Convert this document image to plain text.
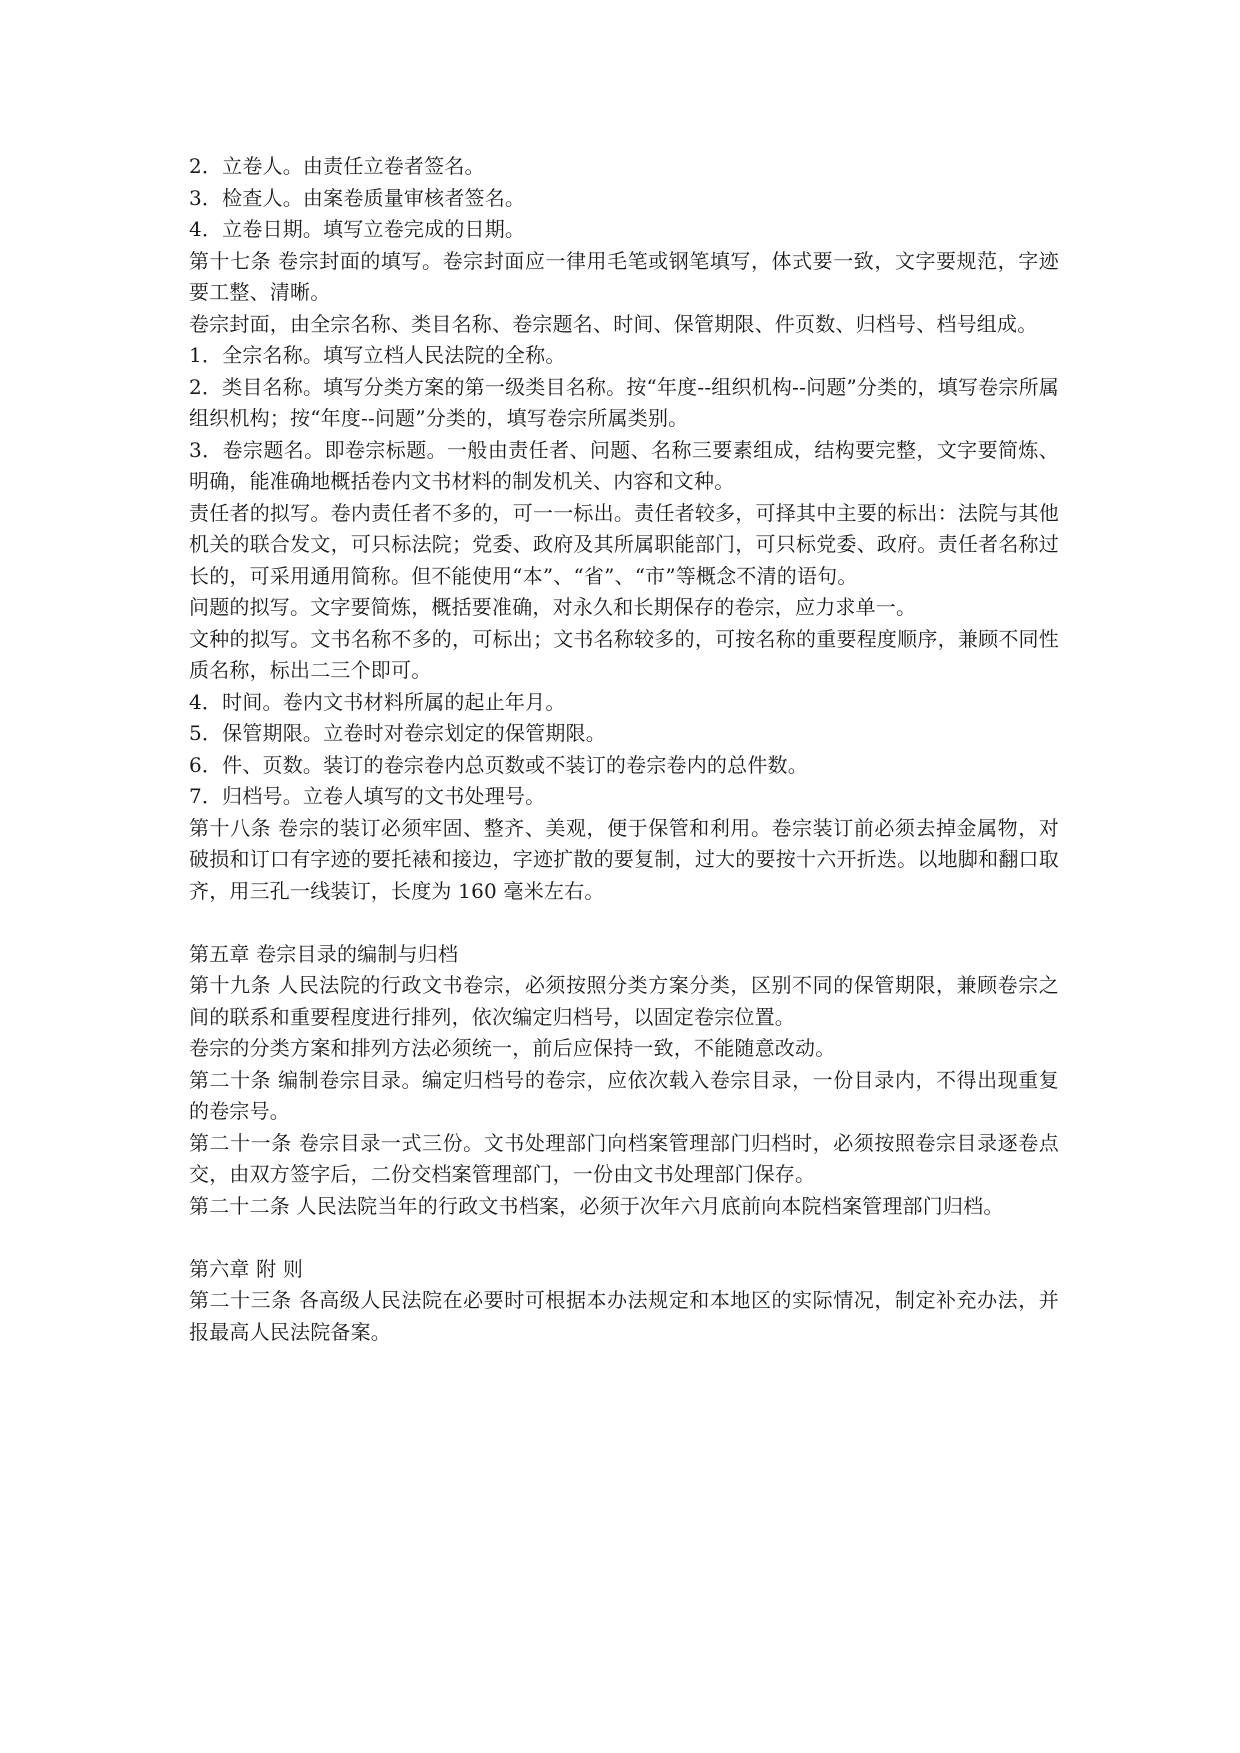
2．立卷人。由责任立卷者签名。

3．检查人。由案卷质量审核者签名。

4．立卷日期。填写立卷完成的日期。

第十七条 卷宗封面的填写。卷宗封面应一律用毛笔或钢笔填写，体式要一致，文字要规范，字迹要工整、清晰。

卷宗封面，由全宗名称、类目名称、卷宗题名、时间、保管期限、件页数、归档号、档号组成。

1．全宗名称。填写立档人民法院的全称。

2．类目名称。填写分类方案的第一级类目名称。按“年度--组织机构--问题”分类的，填写卷宗所属组织机构；按“年度--问题”分类的，填写卷宗所属类别。

3．卷宗题名。即卷宗标题。一般由责任者、问题、名称三要素组成，结构要完整，文字要简炼、明确，能准确地概括卷内文书材料的制发机关、内容和文种。

责任者的拟写。卷内责任者不多的，可一一标出。责任者较多，可择其中主要的标出：法院与其他机关的联合发文，可只标法院；党委、政府及其所属职能部门，可只标党委、政府。责任者名称过长的，可采用通用简称。但不能使用“本”、“省”、“市”等概念不清的语句。

问题的拟写。文字要简炼，概括要准确，对永久和长期保存的卷宗，应力求单一。

文种的拟写。文书名称不多的，可标出；文书名称较多的，可按名称的重要程度顺序，兼顾不同性质名称，标出二三个即可。

4．时间。卷内文书材料所属的起止年月。

5．保管期限。立卷时对卷宗划定的保管期限。

6．件、页数。装订的卷宗卷内总页数或不装订的卷宗卷内的总件数。

7．归档号。立卷人填写的文书处理号。

第十八条 卷宗的装订必须牢固、整齐、美观，便于保管和利用。卷宗装订前必须去掉金属物，对破损和订口有字迹的要托裱和接边，字迹扩散的要复制，过大的要按十六开折迭。以地脚和翻口取齐，用三孔一线装订，长度为 160 毫米左右。

第五章 卷宗目录的编制与归档

第十九条 人民法院的行政文书卷宗，必须按照分类方案分类，区别不同的保管期限，兼顾卷宗之间的联系和重要程度进行排列，依次编定归档号，以固定卷宗位置。

卷宗的分类方案和排列方法必须统一，前后应保持一致，不能随意改动。

第二十条 编制卷宗目录。编定归档号的卷宗，应依次载入卷宗目录，一份目录内，不得出现重复的卷宗号。

第二十一条 卷宗目录一式三份。文书处理部门向档案管理部门归档时，必须按照卷宗目录逐卷点交，由双方签字后，二份交档案管理部门，一份由文书处理部门保存。

第二十二条 人民法院当年的行政文书档案，必须于次年六月底前向本院档案管理部门归档。

第六章 附 则

第二十三条 各高级人民法院在必要时可根据本办法规定和本地区的实际情况，制定补充办法，并报最高人民法院备案。
